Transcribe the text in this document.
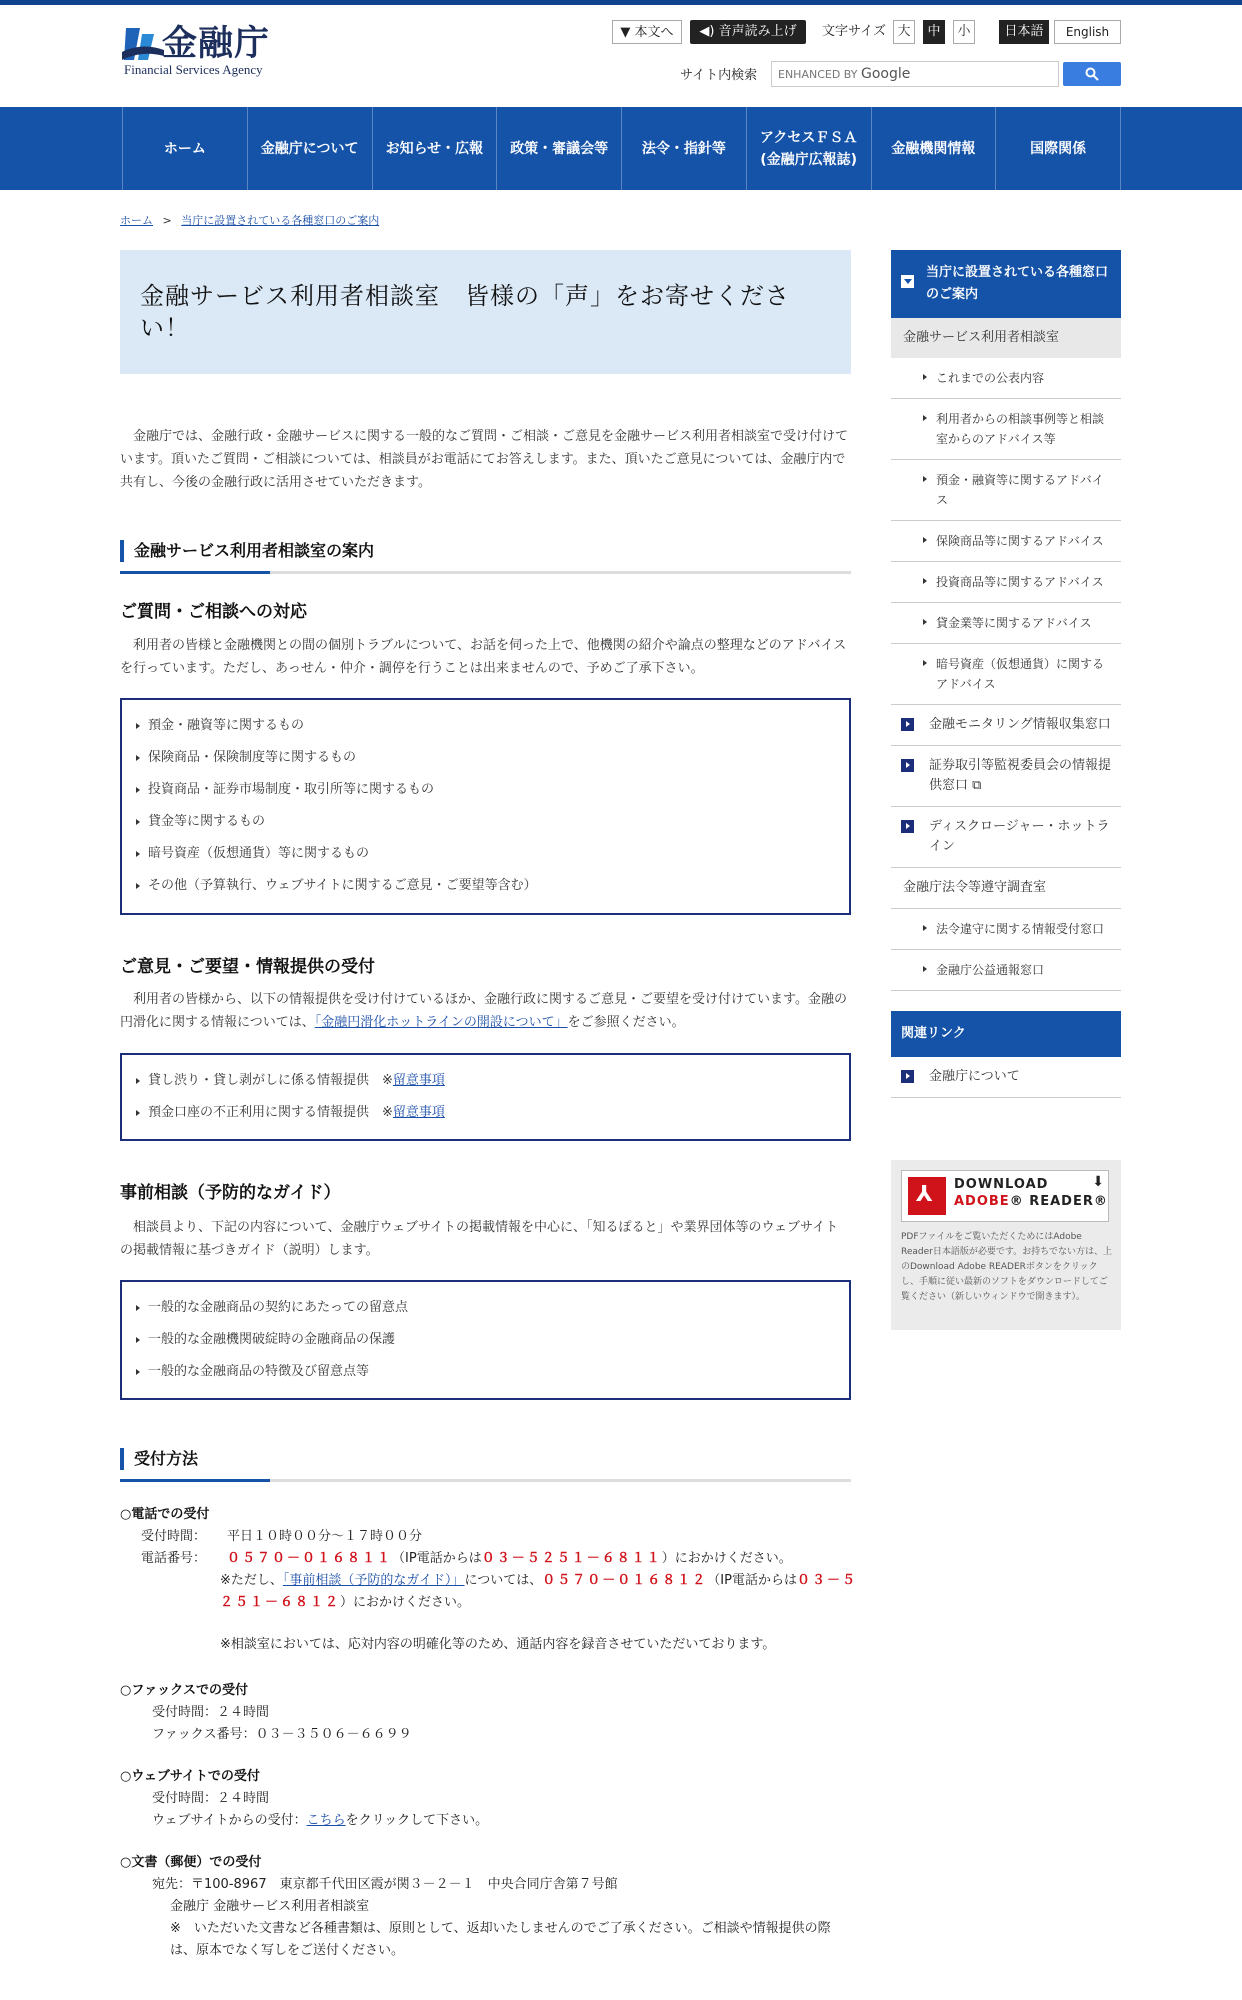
金融庁
Financial Services Agency
▼ 本文へ	◀) 音声読み上げ	文字サイズ 大	中	小	日本語	English
サイト内検索	ENHANCED BY Google
ホーム	金融庁について	お知らせ・広報	政策・審議会等	法令・指針等
アクセスＦＳＡ
(金融庁広報誌)
金融機関情報	国際関係
ホーム > 当庁に設置されている各種窓口のご案内
金融サービス利用者相談室　皆様の「声」をお寄せください！
金融庁では、金融行政・金融サービスに関する一般的なご質問・ご相談・ご意見を金融サービス利用者相談室で受け付けています。頂いたご質問・ご相談については、相談員がお電話にてお答えします。また、頂いたご意見については、金融庁内で共有し、今後の金融行政に活用させていただきます。
金融サービス利用者相談室の案内
ご質問・ご相談への対応
利用者の皆様と金融機関との間の個別トラブルについて、お話を伺った上で、他機関の紹介や論点の整理などのアドバイスを行っています。ただし、あっせん・仲介・調停を行うことは出来ませんので、予めご了承下さい。
預金・融資等に関するもの
保険商品・保険制度等に関するもの
投資商品・証券市場制度・取引所等に関するもの
貸金等に関するもの
暗号資産（仮想通貨）等に関するもの
その他（予算執行、ウェブサイトに関するご意見・ご要望等含む）
ご意見・ご要望・情報提供の受付
利用者の皆様から、以下の情報提供を受け付けているほか、金融行政に関するご意見・ご要望を受け付けています。金融の円滑化に関する情報については、「金融円滑化ホットラインの開設について」をご参照ください。
貸し渋り・貸し剥がしに係る情報提供　※留意事項
預金口座の不正利用に関する情報提供　※留意事項
事前相談（予防的なガイド）
相談員より、下記の内容について、金融庁ウェブサイトの掲載情報を中心に、「知るぽると」や業界団体等のウェブサイトの掲載情報に基づきガイド（説明）します。
一般的な金融商品の契約にあたっての留意点
一般的な金融機関破綻時の金融商品の保護
一般的な金融商品の特徴及び留意点等
受付方法
○電話での受付
受付時間： 平日１０時００分～１７時００分
電話番号： ０５７０－０１６８１１（IP電話からは０３－５２５１－６８１１）におかけください。
※ただし、「事前相談（予防的なガイド）」については、０５７０－０１６８１２（IP電話からは０３－５２５１－６８１２）におかけください。
※相談室においては、応対内容の明確化等のため、通話内容を録音させていただいております。
○ファックスでの受付
受付時間：２４時間
ファックス番号：０３－３５０６－６６９９
○ウェブサイトでの受付
受付時間：２４時間
ウェブサイトからの受付：こちらをクリックして下さい。
○文書（郵便）での受付
宛先：〒100-8967　東京都千代田区霞が関３－２－１　中央合同庁舎第７号館
金融庁 金融サービス利用者相談室
※　いただいた文書など各種書類は、原則として、返却いたしませんのでご了承ください。ご相談や情報提供の際は、原本でなく写しをご送付ください。
当庁に設置されている各種窓口のご案内
金融サービス利用者相談室
これまでの公表内容
利用者からの相談事例等と相談室からのアドバイス等
預金・融資等に関するアドバイス
保険商品等に関するアドバイス
投資商品等に関するアドバイス
貸金業等に関するアドバイス
暗号資産（仮想通貨）に関するアドバイス
金融モニタリング情報収集窓口
証券取引等監視委員会の情報提供窓口 ⧉
ディスクロージャー・ホットライン
金融庁法令等遵守調査室
法令違守に関する情報受付窓口
金融庁公益通報窓口
関連リンク
金融庁について
⅄ DOWNLOAD
ADOBE® READER®
⬇
PDFファイルをご覧いただくためにはAdobe Reader日本語版が必要です。お持ちでない方は、上のDownload Adobe READERボタンをクリックし、手順に従い最新のソフトをダウンロードしてご覧ください（新しいウィンドウで開きます）。
